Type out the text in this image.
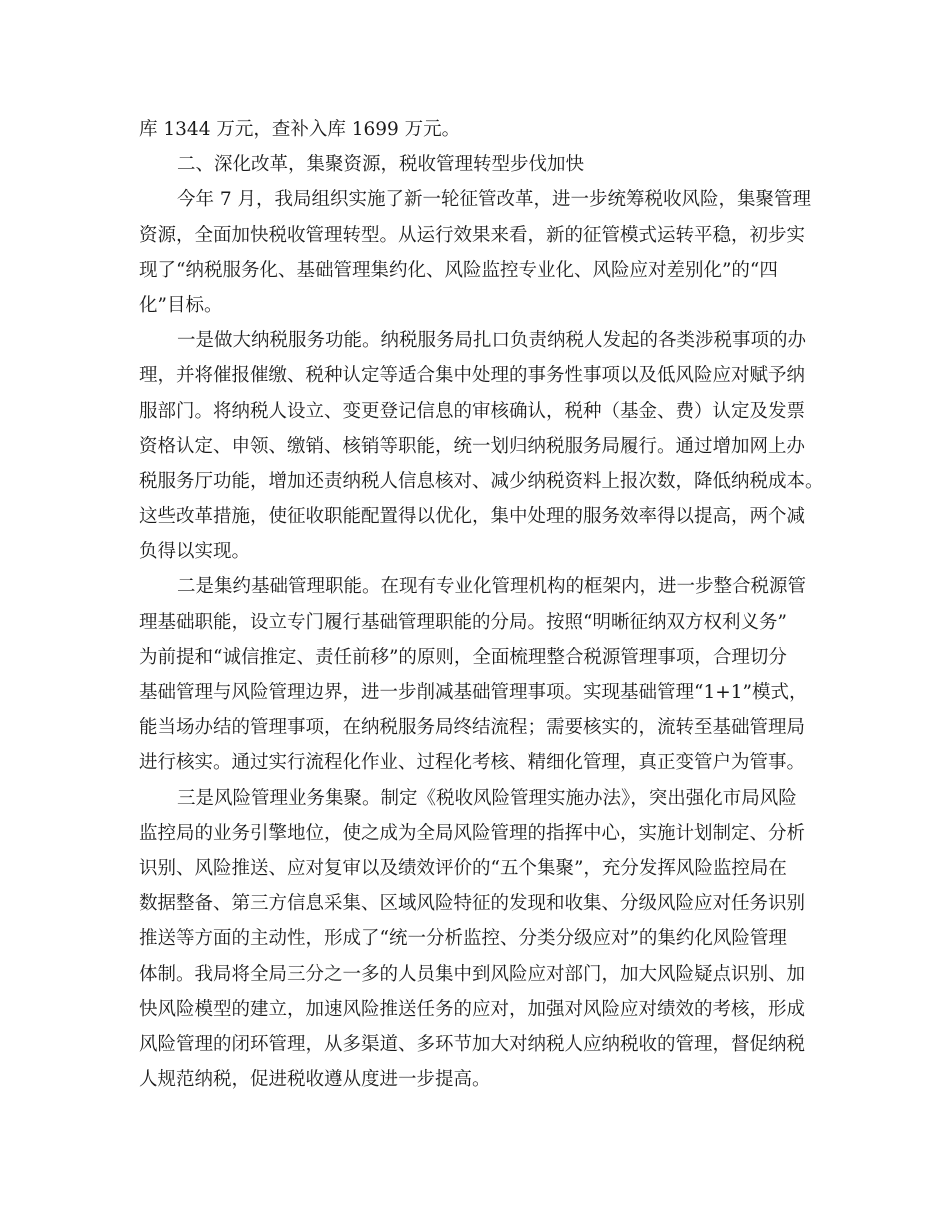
库 1344 万元，查补入库 1699 万元。
二、深化改革，集聚资源，税收管理转型步伐加快
今年 7 月，我局组织实施了新一轮征管改革，进一步统筹税收风险，集聚管理
资源，全面加快税收管理转型。从运行效果来看，新的征管模式运转平稳，初步实
现了“纳税服务化、基础管理集约化、风险监控专业化、风险应对差别化”的“四
化”目标。
一是做大纳税服务功能。纳税服务局扎口负责纳税人发起的各类涉税事项的办
理，并将催报催缴、税种认定等适合集中处理的事务性事项以及低风险应对赋予纳
服部门。将纳税人设立、变更登记信息的审核确认，税种（基金、费）认定及发票
资格认定、申领、缴销、核销等职能，统一划归纳税服务局履行。通过增加网上办
税服务厅功能，增加还责纳税人信息核对、减少纳税资料上报次数，降低纳税成本。
这些改革措施，使征收职能配置得以优化，集中处理的服务效率得以提高，两个减
负得以实现。
二是集约基础管理职能。在现有专业化管理机构的框架内，进一步整合税源管
理基础职能，设立专门履行基础管理职能的分局。按照“明晰征纳双方权利义务”
为前提和“诚信推定、责任前移”的原则，全面梳理整合税源管理事项，合理切分
基础管理与风险管理边界，进一步削减基础管理事项。实现基础管理“1+1”模式，
能当场办结的管理事项，在纳税服务局终结流程；需要核实的，流转至基础管理局
进行核实。通过实行流程化作业、过程化考核、精细化管理，真正变管户为管事。
三是风险管理业务集聚。制定《税收风险管理实施办法》，突出强化市局风险
监控局的业务引擎地位，使之成为全局风险管理的指挥中心，实施计划制定、分析
识别、风险推送、应对复审以及绩效评价的“五个集聚”，充分发挥风险监控局在
数据整备、第三方信息采集、区域风险特征的发现和收集、分级风险应对任务识别
推送等方面的主动性，形成了“统一分析监控、分类分级应对”的集约化风险管理
体制。我局将全局三分之一多的人员集中到风险应对部门，加大风险疑点识别、加
快风险模型的建立，加速风险推送任务的应对，加强对风险应对绩效的考核，形成
风险管理的闭环管理，从多渠道、多环节加大对纳税人应纳税收的管理，督促纳税
人规范纳税，促进税收遵从度进一步提高。
